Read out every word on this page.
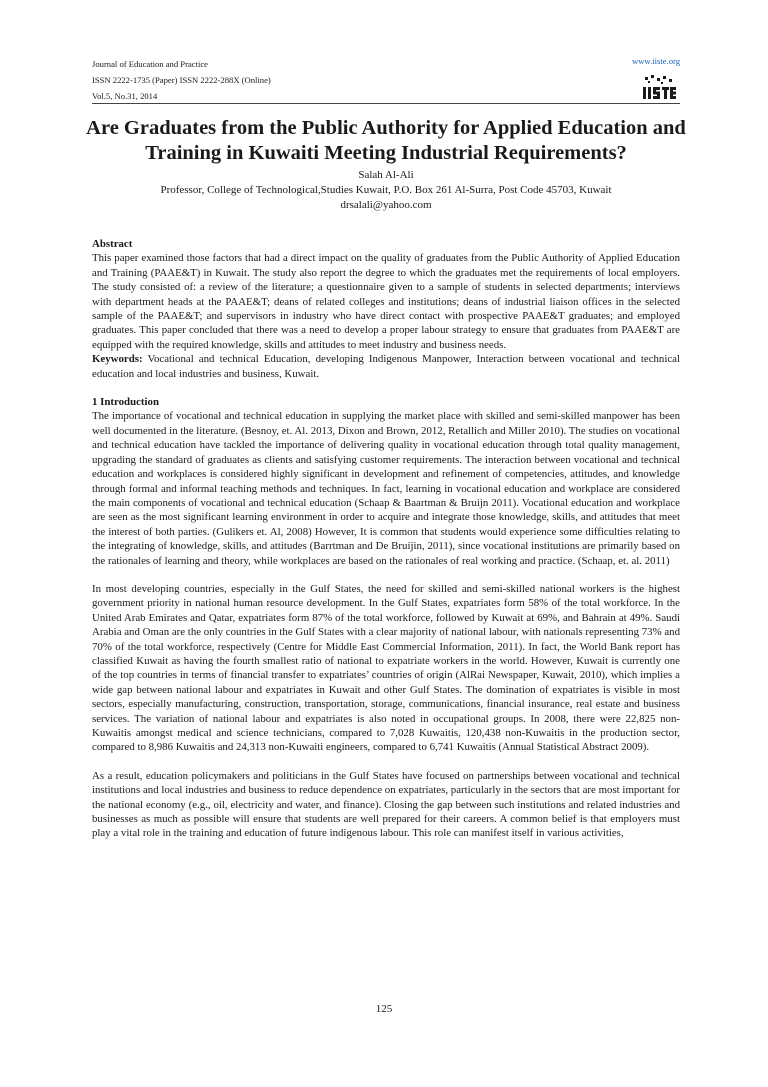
Journal of Education and Practice
ISSN 2222-1735 (Paper) ISSN 2222-288X (Online)
Vol.5, No.31, 2014
www.iiste.org
Are Graduates from the Public Authority for Applied Education and Training in Kuwaiti Meeting Industrial Requirements?
Salah Al-Ali
Professor, College of Technological,Studies Kuwait, P.O. Box 261 Al-Surra, Post Code 45703, Kuwait
drsalali@yahoo.com
Abstract

This paper examined those factors that had a direct impact on the quality of graduates from the Public Authority of Applied Education and Training (PAAE&T) in Kuwait. The study also report the degree to which the graduates met the requirements of local employers. The study consisted of: a review of the literature; a questionnaire given to a sample of students in selected departments; interviews with department heads at the PAAE&T; deans of related colleges and institutions; deans of industrial liaison offices in the selected sample of the PAAE&T; and supervisors in industry who have direct contact with prospective PAAE&T graduates; and employed graduates. This paper concluded that there was a need to develop a proper labour strategy to ensure that graduates from PAAE&T are equipped with the required knowledge, skills and attitudes to meet industry and business needs.

Keywords: Vocational and technical Education, developing Indigenous Manpower, Interaction between vocational and technical education and local industries and business, Kuwait.

1 Introduction

The importance of vocational and technical education in supplying the market place with skilled and semi-skilled manpower has been well documented in the literature. (Besnoy, et. Al. 2013, Dixon and Brown, 2012, Retallich and Miller 2010). The studies on vocational and technical education have tackled the importance of delivering quality in vocational education through total quality management, upgrading the standard of graduates as clients and satisfying customer requirements. The interaction between vocational and technical education and workplaces is considered highly significant in development and refinement of competencies, attitudes, and knowledge through formal and informal teaching methods and techniques. In fact, learning in vocational education and workplace are considered the main components of vocational and technical education (Schaap & Baartman & Bruijn 2011). Vocational education and workplace are seen as the most significant learning environment in order to acquire and integrate those knowledge, skills, and attitudes that meet the interest of both parties. (Gulikers et. Al, 2008) However, It is common that students would experience some difficulties relating to the integrating of knowledge, skills, and attitudes (Barrtman and De Bruijin, 2011), since vocational institutions are primarily based on the rationales of learning and theory, while workplaces are based on the rationales of real working and practice. (Schaap, et. al. 2011)

In most developing countries, especially in the Gulf States, the need for skilled and semi-skilled national workers is the highest government priority in national human resource development. In the Gulf States, expatriates form 58% of the total workforce. In the United Arab Emirates and Qatar, expatriates form 87% of the total workforce, followed by Kuwait at 69%, and Bahrain at 49%. Saudi Arabia and Oman are the only countries in the Gulf States with a clear majority of national labour, with nationals representing 73% and 70% of the total workforce, respectively (Centre for Middle East Commercial Information, 2011). In fact, the World Bank report has classified Kuwait as having the fourth smallest ratio of national to expatriate workers in the world. However, Kuwait is currently one of the top countries in terms of financial transfer to expatriates’ countries of origin (AlRai Newspaper, Kuwait, 2010), which implies a wide gap between national labour and expatriates in Kuwait and other Gulf States. The domination of expatriates is visible in most sectors, especially manufacturing, construction, transportation, storage, communications, financial insurance, real estate and business services. The variation of national labour and expatriates is also noted in occupational groups. In 2008, there were 22,825 non-Kuwaitis amongst medical and science technicians, compared to 7,028 Kuwaitis, 120,438 non-Kuwaitis in the production sector, compared to 8,986 Kuwaitis and 24,313 non-Kuwaiti engineers, compared to 6,741 Kuwaitis (Annual Statistical Abstract 2009).

As a result, education policymakers and politicians in the Gulf States have focused on partnerships between vocational and technical institutions and local industries and business to reduce dependence on expatriates, particularly in the sectors that are most important for the national economy (e.g., oil, electricity and water, and finance). Closing the gap between such institutions and related industries and businesses as much as possible will ensure that students are well prepared for their careers. A common belief is that employers must play a vital role in the training and education of future indigenous labour. This role can manifest itself in various activities,

125
